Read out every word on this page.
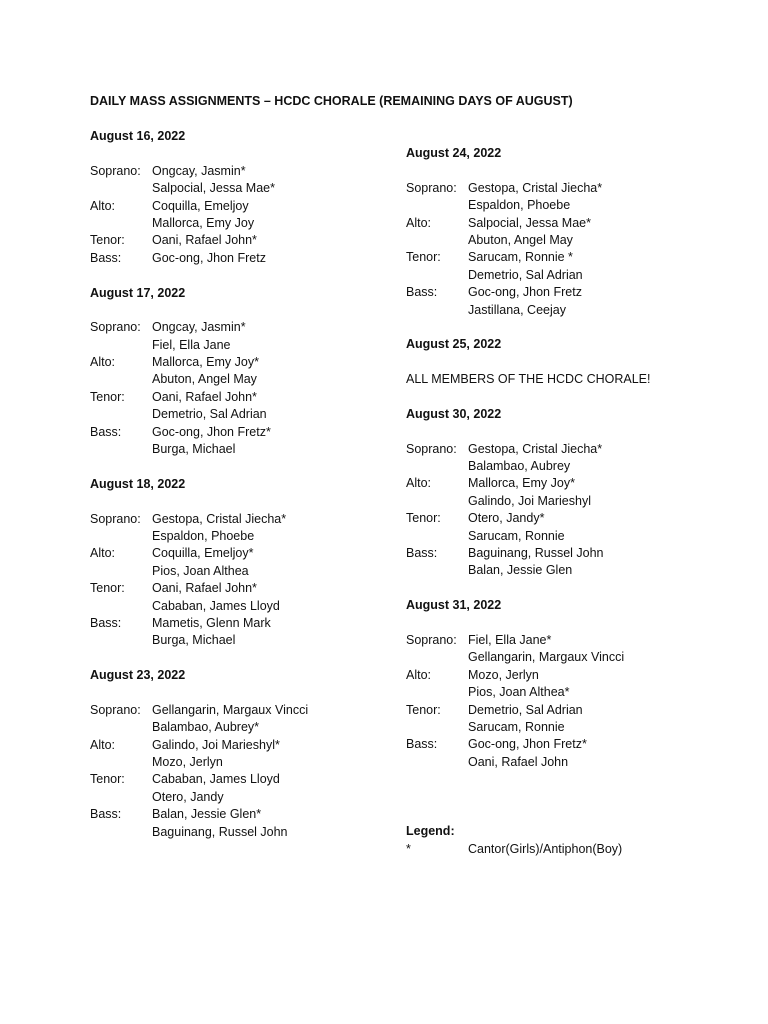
DAILY MASS ASSIGNMENTS – HCDC CHORALE (REMAINING DAYS OF AUGUST)
August 16, 2022
Soprano: Ongcay, Jasmin*
Salpocial, Jessa Mae*
Alto:	Coquilla, Emeljoy
Mallorca, Emy Joy
Tenor:	Oani, Rafael John*
Bass:	Goc-ong, Jhon Fretz
August 17, 2022
Soprano: Ongcay, Jasmin*
Fiel, Ella Jane
Alto:	Mallorca, Emy Joy*
Abuton, Angel May
Tenor:	Oani, Rafael John*
Demetrio, Sal Adrian
Bass:	Goc-ong, Jhon Fretz*
Burga, Michael
August 18, 2022
Soprano: Gestopa, Cristal Jiecha*
Espaldon, Phoebe
Alto:	Coquilla, Emeljoy*
Pios, Joan Althea
Tenor:	Oani, Rafael John*
Cababan, James Lloyd
Bass:	Mametis, Glenn Mark
Burga, Michael
August 23, 2022
Soprano: Gellangarin, Margaux Vincci
Balambao, Aubrey*
Alto:	Galindo, Joi Marieshyl*
Mozo, Jerlyn
Tenor:	Cababan, James Lloyd
Otero, Jandy
Bass:	Balan, Jessie Glen*
Baguinang, Russel John
August 24, 2022
Soprano: Gestopa, Cristal Jiecha*
Espaldon, Phoebe
Alto:	Salpocial, Jessa Mae*
Abuton, Angel May
Tenor:	Sarucam, Ronnie *
Demetrio, Sal Adrian
Bass:	Goc-ong, Jhon Fretz
Jastillana, Ceejay
August 25, 2022
ALL MEMBERS OF THE HCDC CHORALE!
August 30, 2022
Soprano: Gestopa, Cristal Jiecha*
Balambao, Aubrey
Alto:	Mallorca, Emy Joy*
Galindo, Joi Marieshyl
Tenor:	Otero, Jandy*
Sarucam, Ronnie
Bass:	Baguinang, Russel John
Balan, Jessie Glen
August 31, 2022
Soprano: Fiel, Ella Jane*
Gellangarin, Margaux Vincci
Alto:	Mozo, Jerlyn
Pios, Joan Althea*
Tenor:	Demetrio, Sal Adrian
Sarucam, Ronnie
Bass:	Goc-ong, Jhon Fretz*
Oani, Rafael John
Legend:
*	Cantor(Girls)/Antiphon(Boy)
